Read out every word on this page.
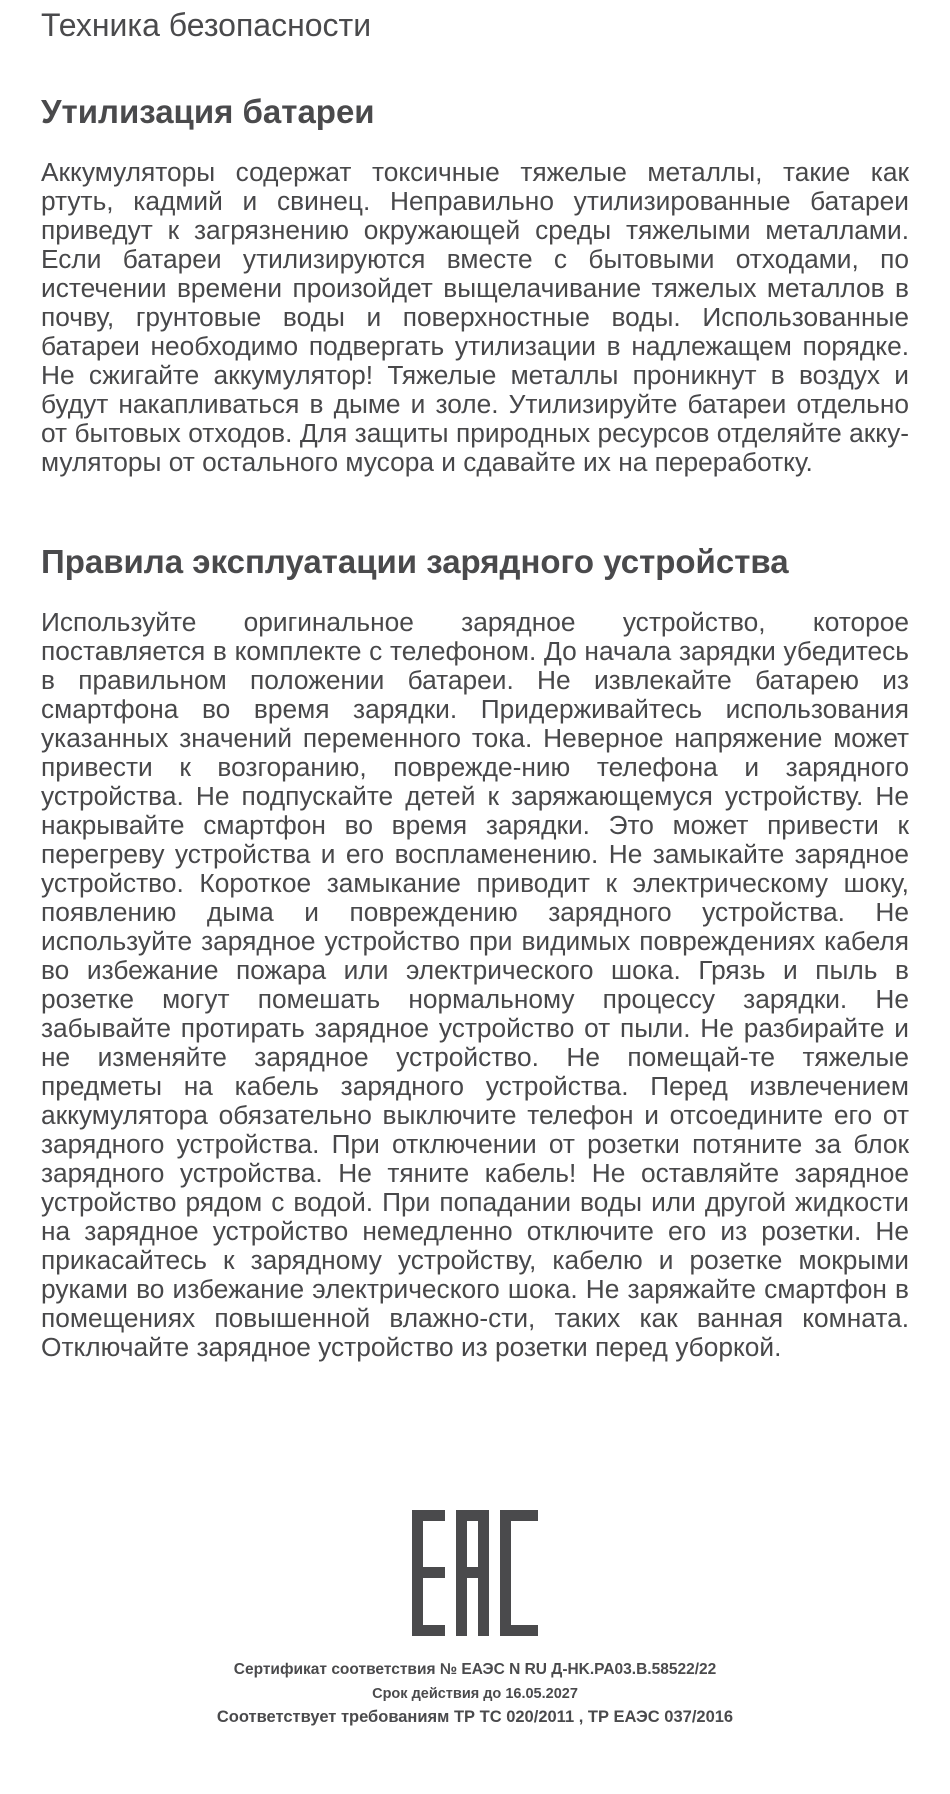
Техника безопасности
Утилизация батареи

Аккумуляторы содержат токсичные тяжелые металлы, такие как ртуть, кадмий и свинец. Неправильно утилизированные батареи приведут к загрязнению окружающей среды тяжелыми металлами. Если батареи утилизируются вместе с бытовыми отходами, по истечении времени произойдет выщелачивание тяжелых металлов в почву, грунтовые воды и поверхностные воды. Использованные батареи необходимо подвергать утилизации в надлежащем порядке. Не сжигайте аккумулятор! Тяжелые металлы проникнут в воздух и будут накапливаться в дыме и золе. Утилизируйте батареи отдельно от бытовых отходов. Для защиты природных ресурсов отделяйте акку-муляторы от остального мусора и сдавайте их на переработку.

Правила эксплуатации зарядного устройства

Используйте оригинальное зарядное устройство, которое поставляется в комплекте с телефоном. До начала зарядки убедитесь в правильном положении батареи. Не извлекайте батарею из смартфона во время зарядки. Придерживайтесь использования указанных значений переменного тока. Неверное напряжение может привести к возгоранию, поврежде-нию телефона и зарядного устройства. Не подпускайте детей к заряжающемуся устройству. Не накрывайте смартфон во время зарядки. Это может привести к перегреву устройства и его воспламенению. Не замыкайте зарядное устройство. Короткое замыкание приводит к электрическому шоку, появлению дыма и повреждению зарядного устройства. Не используйте зарядное устройство при видимых повреждениях кабеля во избежание пожара или электрического шока. Грязь и пыль в розетке могут помешать нормальному процессу зарядки. Не забывайте протирать зарядное устройство от пыли. Не разбирайте и не изменяйте зарядное устройство. Не помещай-те тяжелые предметы на кабель зарядного устройства. Перед извлечением аккумулятора обязательно выключите телефон и отсоедините его от зарядного устройства. При отключении от розетки потяните за блок зарядного устройства. Не тяните кабель! Не оставляйте зарядное устройство рядом с водой. При попадании воды или другой жидкости на зарядное устройство немедленно отключите его из розетки. Не прикасайтесь к зарядному устройству, кабелю и розетке мокрыми руками во избежание электрического шока. Не заряжайте смартфон в помещениях повышенной влажно-сти, таких как ванная комната. Отключайте зарядное устройство из розетки перед уборкой.

Сертификат соответствия № ЕАЭС N RU Д-HK.PA03.B.58522/22

Срок действия до 16.05.2027

Соответствует требованиям ТР ТС 020/2011 , ТР ЕАЭС 037/2016
